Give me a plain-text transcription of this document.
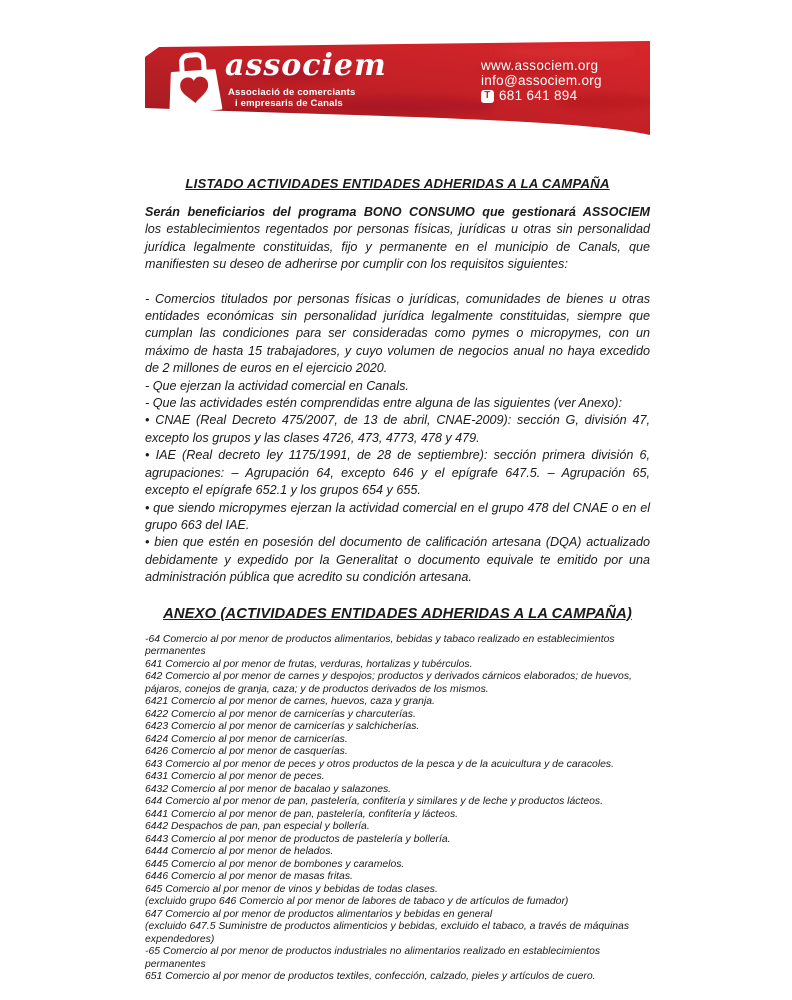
associem
Associació de comerciants
i empresaris de Canals
www.associem.org
info@associem.org
T 681 641 894
LISTADO ACTIVIDADES ENTIDADES ADHERIDAS A LA CAMPAÑA

Serán beneficiarios del programa BONO CONSUMO que gestionará ASSOCIEM

los establecimientos regentados por personas físicas, jurídicas u otras sin personalidad jurídica legalmente constituidas, fijo y permanente en el municipio de Canals, que manifiesten su deseo de adherirse por cumplir con los requisitos siguientes:

- Comercios titulados por personas físicas o jurídicas, comunidades de bienes u otras entidades económicas sin personalidad jurídica legalmente constituidas, siempre que cumplan las condiciones para ser consideradas como pymes o micropymes, con un máximo de hasta 15 trabajadores, y cuyo volumen de negocios anual no haya excedido de 2 millones de euros en el ejercicio 2020.

- Que ejerzan la actividad comercial en Canals.

- Que las actividades estén comprendidas entre alguna de las siguientes (ver Anexo):

• CNAE (Real Decreto 475/2007, de 13 de abril, CNAE-2009): sección G, división 47, excepto los grupos y las clases 4726, 473, 4773, 478 y 479.

• IAE (Real decreto ley 1175/1991, de 28 de septiembre): sección primera división 6, agrupaciones: – Agrupación 64, excepto 646 y el epígrafe 647.5. – Agrupación 65, excepto el epígrafe 652.1 y los grupos 654 y 655.

• que siendo micropymes ejerzan la actividad comercial en el grupo 478 del CNAE o en el grupo 663 del IAE.

• bien que estén en posesión del documento de calificación artesana (DQA) actualizado debidamente y expedido por la Generalitat o documento equivale te emitido por una administración pública que acredito su condición artesana.

ANEXO (ACTIVIDADES ENTIDADES ADHERIDAS A LA CAMPAÑA)
-64 Comercio al por menor de productos alimentarios, bebidas y tabaco realizado en establecimientos permanentes
641 Comercio al por menor de frutas, verduras, hortalizas y tubérculos.
642 Comercio al por menor de carnes y despojos; productos y derivados cárnicos elaborados; de huevos, pájaros, conejos de granja, caza; y de productos derivados de los mismos.
6421 Comercio al por menor de carnes, huevos, caza y granja.
6422 Comercio al por menor de carnicerías y charcuterías.
6423 Comercio al por menor de carnicerías y salchicherías.
6424 Comercio al por menor de carnicerías.
6426 Comercio al por menor de casquerías.
643 Comercio al por menor de peces y otros productos de la pesca y de la acuicultura y de caracoles.
6431 Comercio al por menor de peces.
6432 Comercio al por menor de bacalao y salazones.
644 Comercio al por menor de pan, pastelería, confitería y similares y de leche y productos lácteos.
6441 Comercio al por menor de pan, pastelería, confitería y lácteos.
6442 Despachos de pan, pan especial y bollería.
6443 Comercio al por menor de productos de pastelería y bollería.
6444 Comercio al por menor de helados.
6445 Comercio al por menor de bombones y caramelos.
6446 Comercio al por menor de masas fritas.
645 Comercio al por menor de vinos y bebidas de todas clases.
(excluido grupo 646 Comercio al por menor de labores de tabaco y de artículos de fumador)
647 Comercio al por menor de productos alimentarios y bebidas en general
(excluido 647.5 Suministre de productos alimenticios y bebidas, excluido el tabaco, a través de máquinas expendedores)
-65 Comercio al por menor de productos industriales no alimentarios realizado en establecimientos permanentes
651 Comercio al por menor de productos textiles, confección, calzado, pieles y artículos de cuero.
